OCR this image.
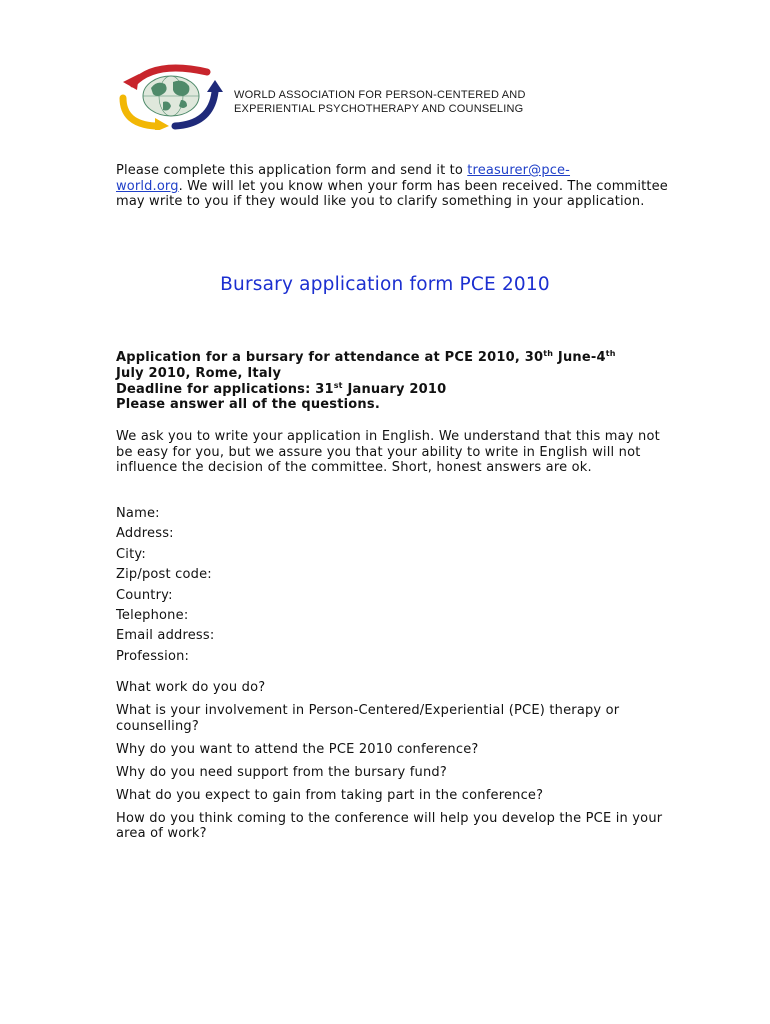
WORLD ASSOCIATION FOR PERSON-CENTERED AND
EXPERIENTIAL PSYCHOTHERAPY AND COUNSELING
Please complete this application form and send it to treasurer@pce-
world.org. We will let you know when your form has been received. The committee may write to you if they would like you to clarify something in your application.
Bursary application form PCE 2010
Application for a bursary for attendance at PCE 2010, 30th June-4th
July 2010, Rome, Italy
Deadline for applications: 31st January 2010
Please answer all of the questions.
We ask you to write your application in English. We understand that this may not be easy for you, but we assure you that your ability to write in English will not influence the decision of the committee. Short, honest answers are ok.
Name:
Address:
City:
Zip/post code:
Country:
Telephone:
Email address:
Profession:

What work do you do?

What is your involvement in Person-Centered/Experiential (PCE) therapy or counselling?

Why do you want to attend the PCE 2010 conference?

Why do you need support from the bursary fund?

What do you expect to gain from taking part in the conference?

How do you think coming to the conference will help you develop the PCE in your area of work?
